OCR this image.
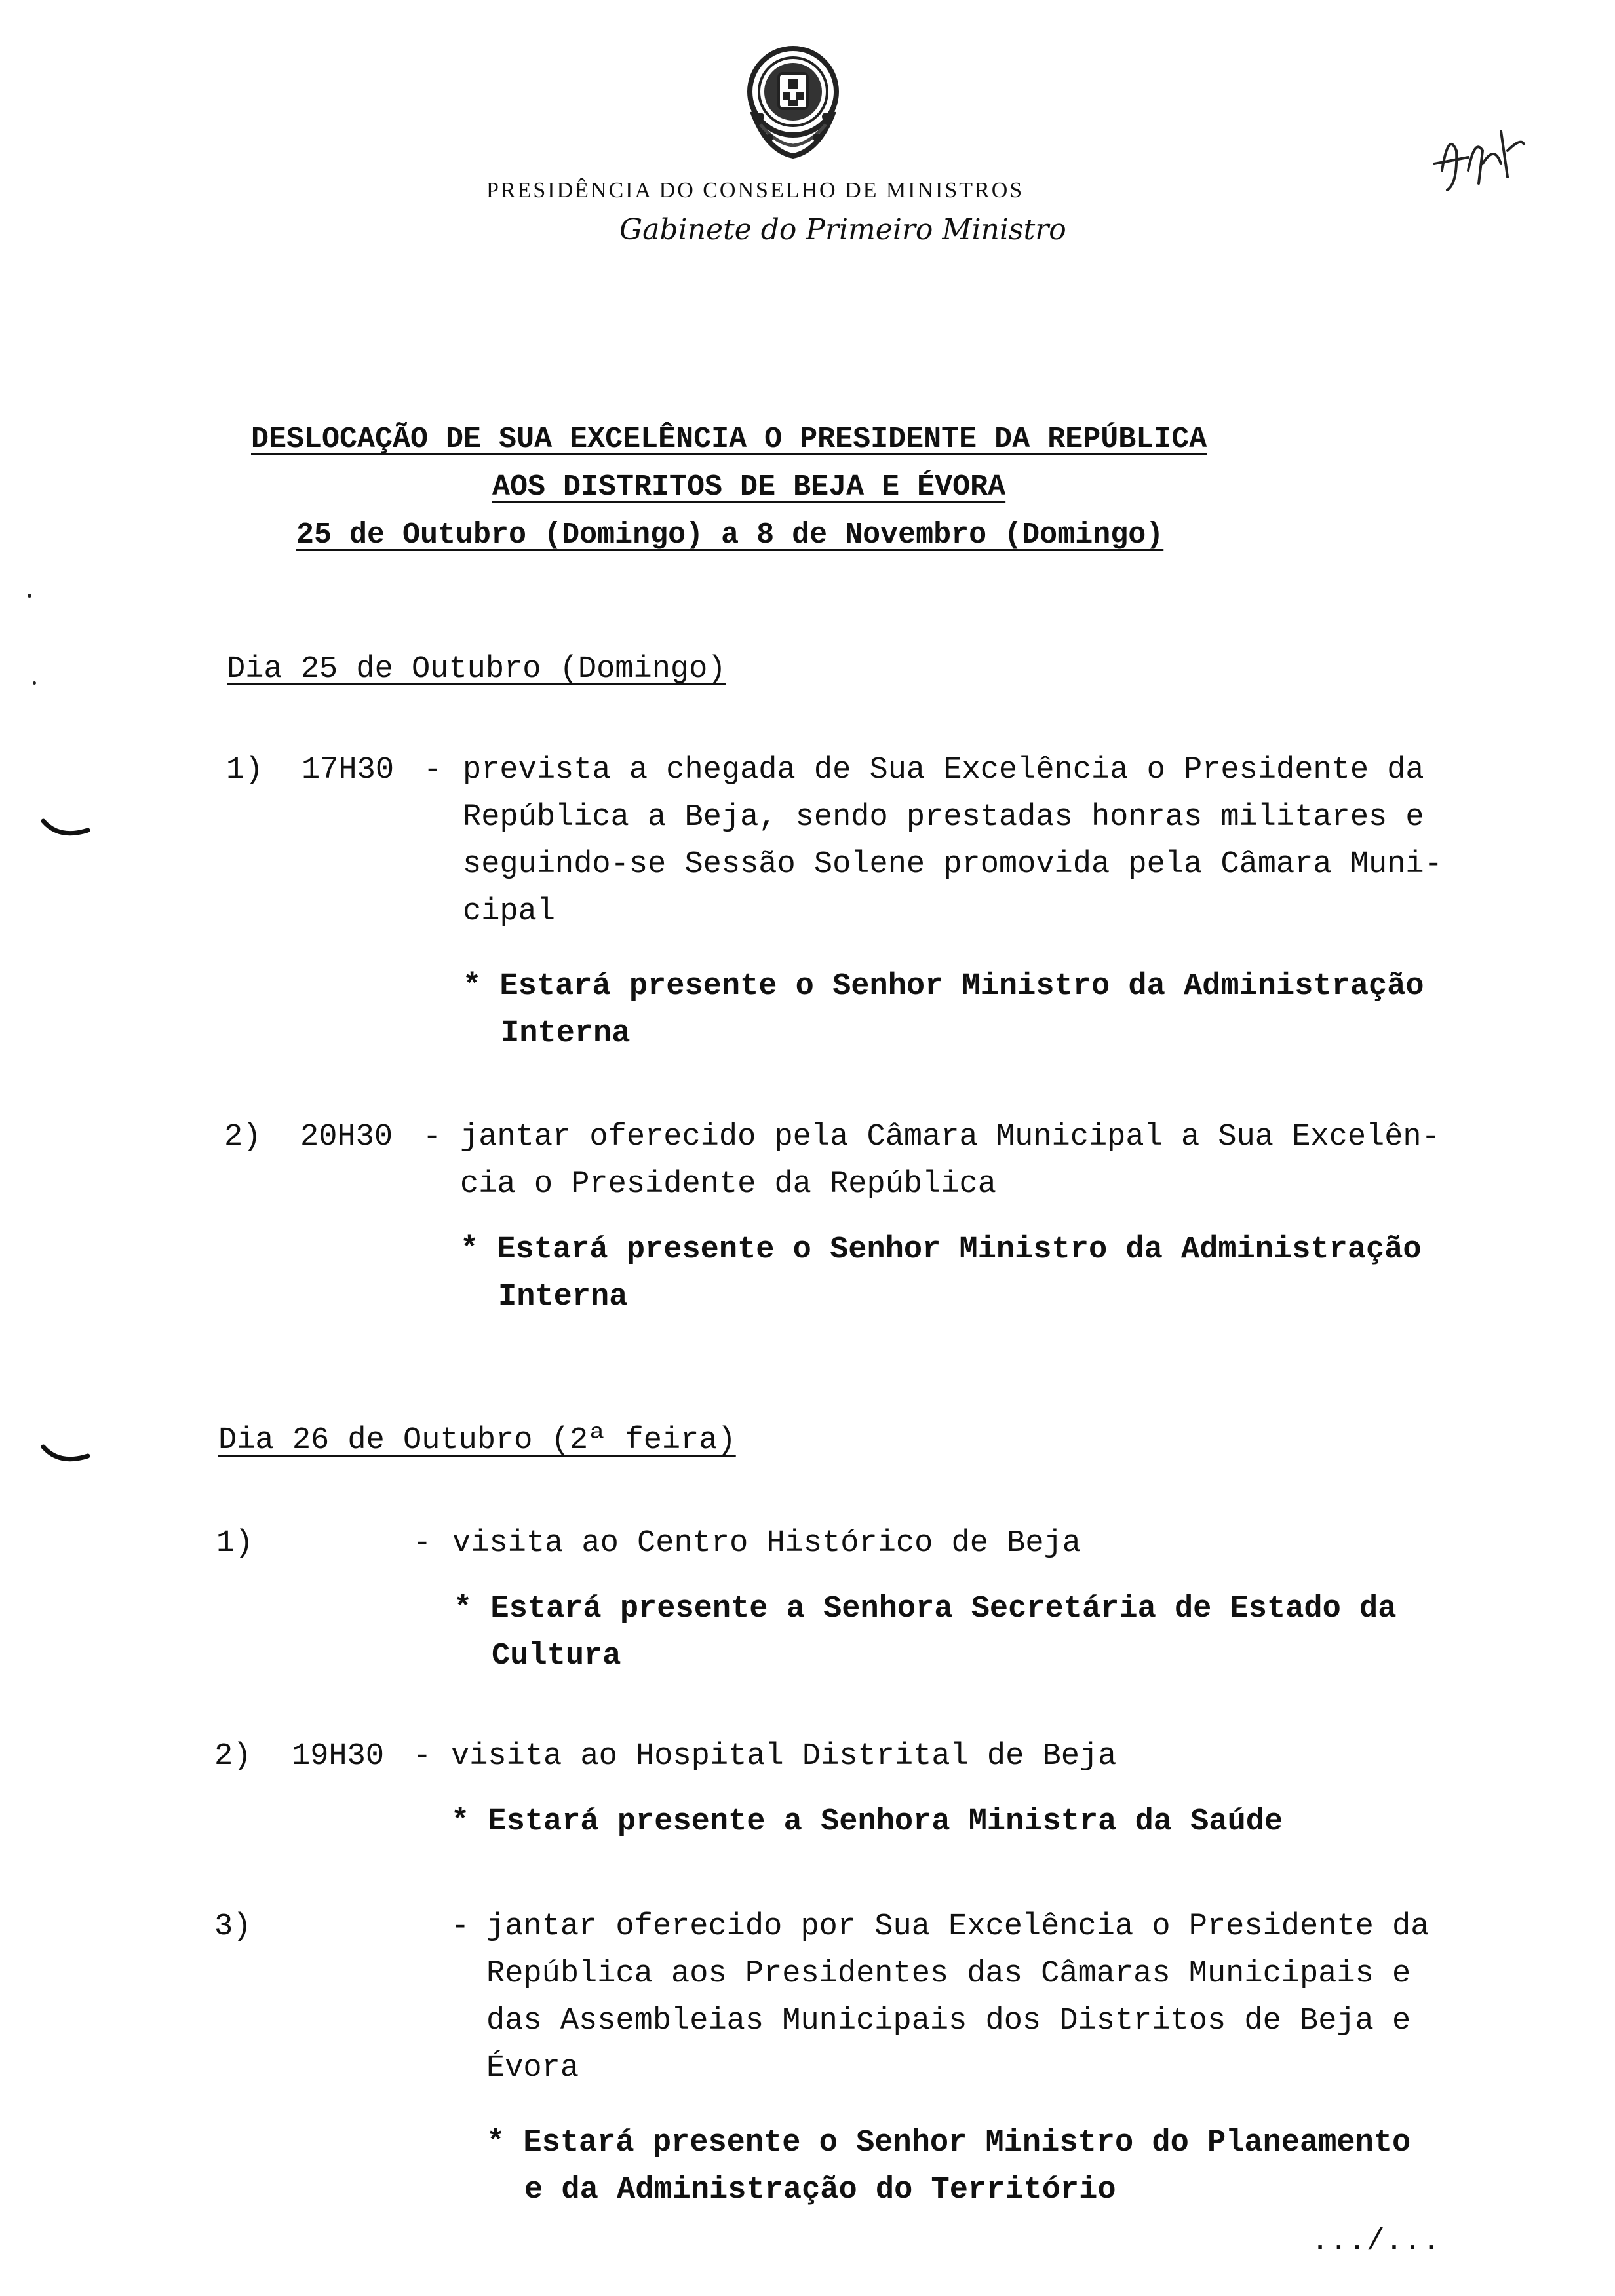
PRESIDÊNCIA DO CONSELHO DE MINISTROS
Gabinete do Primeiro Ministro
DESLOCAÇÃO DE SUA EXCELÊNCIA O PRESIDENTE DA REPÚBLICA
AOS DISTRITOS DE BEJA E ÉVORA
25 de Outubro (Domingo) a 8 de Novembro (Domingo)
Dia 25 de Outubro (Domingo)
1) 17H30 - prevista a chegada de Sua Excelência o Presidente da
República a Beja, sendo prestadas honras militares e
seguindo-se Sessão Solene promovida pela Câmara Muni-
cipal
* Estará presente o Senhor Ministro da Administração
Interna
2) 20H30 - jantar oferecido pela Câmara Municipal a Sua Excelên-
cia o Presidente da República
* Estará presente o Senhor Ministro da Administração
Interna
Dia 26 de Outubro (2ª feira)
1)	- visita ao Centro Histórico de Beja
* Estará presente a Senhora Secretária de Estado da
Cultura
2) 19H30 - visita ao Hospital Distrital de Beja
* Estará presente a Senhora Ministra da Saúde
3)	- jantar oferecido por Sua Excelência o Presidente da
República aos Presidentes das Câmaras Municipais e
das Assembleias Municipais dos Distritos de Beja e
Évora
* Estará presente o Senhor Ministro do Planeamento
e da Administração do Território
.../...
